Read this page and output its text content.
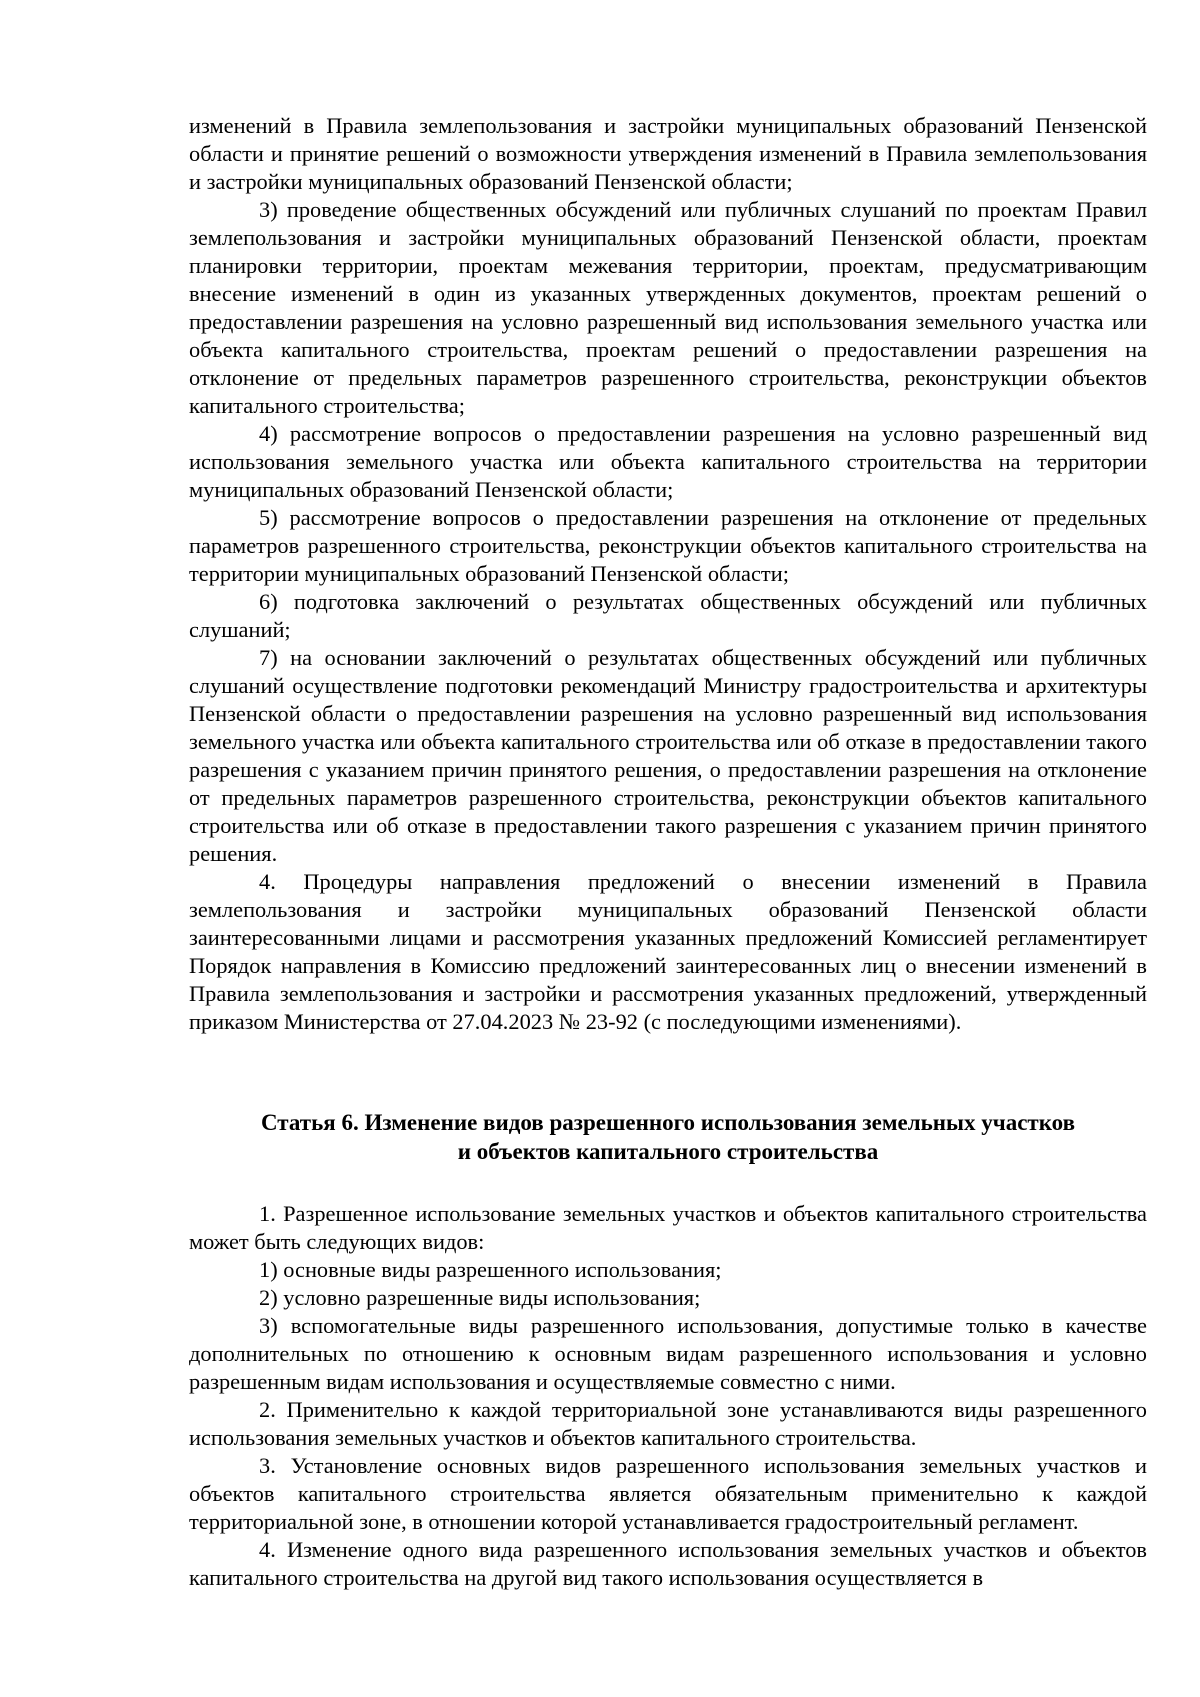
изменений в Правила землепользования и застройки муниципальных образований Пензенской области и принятие решений о возможности утверждения изменений в Правила землепользования и застройки муниципальных образований Пензенской области;

3) проведение общественных обсуждений или публичных слушаний по проектам Правил землепользования и застройки муниципальных образований Пензенской области, проектам планировки территории, проектам межевания территории, проектам, предусматривающим внесение изменений в один из указанных утвержденных документов, проектам решений о предоставлении разрешения на условно разрешенный вид использования земельного участка или объекта капитального строительства, проектам решений о предоставлении разрешения на отклонение от предельных параметров разрешенного строительства, реконструкции объектов капитального строительства;

4) рассмотрение вопросов о предоставлении разрешения на условно разрешенный вид использования земельного участка или объекта капитального строительства на территории муниципальных образований Пензенской области;

5) рассмотрение вопросов о предоставлении разрешения на отклонение от предельных параметров разрешенного строительства, реконструкции объектов капитального строительства на территории муниципальных образований Пензенской области;

6) подготовка заключений о результатах общественных обсуждений или публичных слушаний;

7) на основании заключений о результатах общественных обсуждений или публичных слушаний осуществление подготовки рекомендаций Министру градостроительства и архитектуры Пензенской области о предоставлении разрешения на условно разрешенный вид использования земельного участка или объекта капитального строительства или об отказе в предоставлении такого разрешения с указанием причин принятого решения, о предоставлении разрешения на отклонение от предельных параметров разрешенного строительства, реконструкции объектов капитального строительства или об отказе в предоставлении такого разрешения с указанием причин принятого решения.

4. Процедуры направления предложений о внесении изменений в Правила землепользования и застройки муниципальных образований Пензенской области заинтересованными лицами и рассмотрения указанных предложений Комиссией регламентирует Порядок направления в Комиссию предложений заинтересованных лиц о внесении изменений в Правила землепользования и застройки и рассмотрения указанных предложений, утвержденный приказом Министерства от 27.04.2023 № 23-92 (с последующими изменениями).

Статья 6. Изменение видов разрешенного использования земельных участков

и объектов капитального строительства

1. Разрешенное использование земельных участков и объектов капитального строительства может быть следующих видов:

1) основные виды разрешенного использования;

2) условно разрешенные виды использования;

3) вспомогательные виды разрешенного использования, допустимые только в качестве дополнительных по отношению к основным видам разрешенного использования и условно разрешенным видам использования и осуществляемые совместно с ними.

2. Применительно к каждой территориальной зоне устанавливаются виды разрешенного использования земельных участков и объектов капитального строительства.

3. Установление основных видов разрешенного использования земельных участков и объектов капитального строительства является обязательным применительно к каждой территориальной зоне, в отношении которой устанавливается градостроительный регламент.

4. Изменение одного вида разрешенного использования земельных участков и объектов капитального строительства на другой вид такого использования осуществляется в
